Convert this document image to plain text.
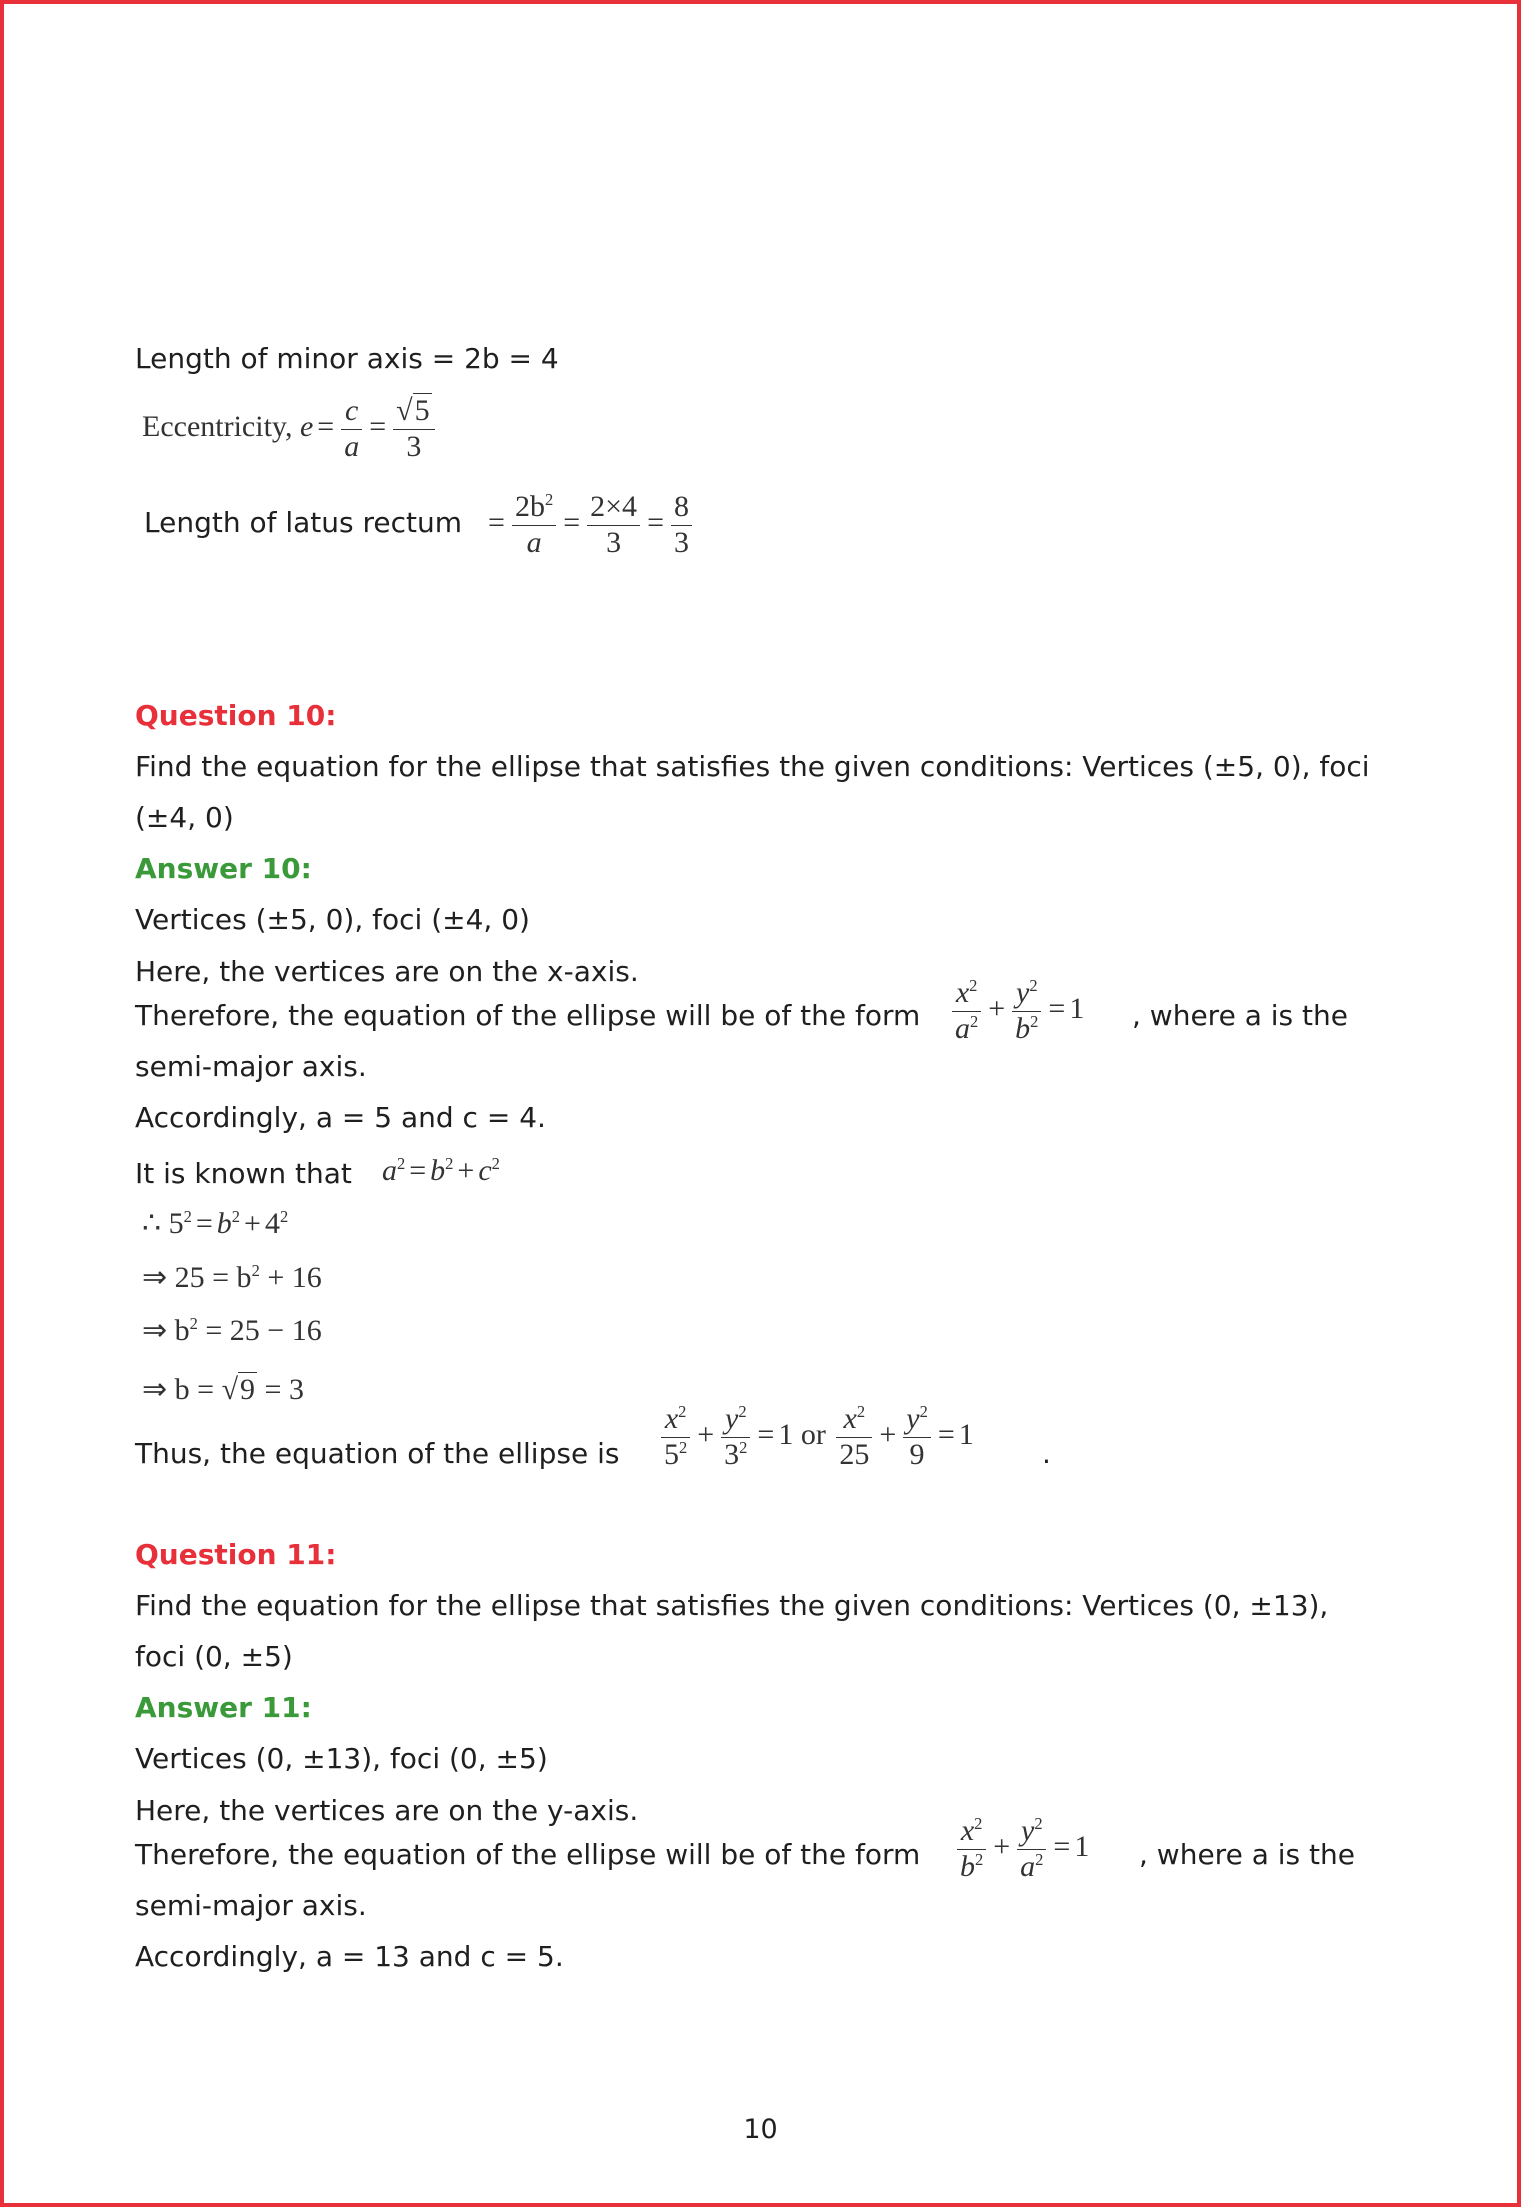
Length of minor axis = 2b = 4

Eccentricity, $e = \frac{c}{a} = \frac{√5}{3}$
Length of latus rectum = $\frac{2b^2}{a} = \frac{2\times 4}{3} = \frac{8}{3}$

Question 10:

Find the equation for the ellipse that satisfies the given conditions: Vertices (±5, 0), foci

(±4, 0)

Answer 10:

Vertices (±5, 0), foci (±4, 0)

Here, the vertices are on the x-axis.

Therefore, the equation of the ellipse will be of the form $\frac{x^2}{a^2} + \frac{y^2}{b^2} = 1$ , where a is the

semi-major axis.

Accordingly, a = 5 and c = 4.

It is known that $a^2 = b^2 + c^2$
∴ $5^2 = b^2 + 4^2$
⇒ $25 = b^2 + 16$
⇒ $b^2 = 25 - 16$
⇒ b = √9 = 3

Thus, the equation of the ellipse is $\frac{x^2}{5^2} + \frac{y^2}{3^2} = 1$ or $\frac{x^2}{25} + \frac{y^2}{9} = 1$

.

Question 11:

Find the equation for the ellipse that satisfies the given conditions: Vertices (0, ±13),

foci (0, ±5)

Answer 11:

Vertices (0, ±13), foci (0, ±5)

Here, the vertices are on the y-axis.

Therefore, the equation of the ellipse will be of the form $\frac{x^2}{b^2} + \frac{y^2}{a^2} = 1$ , where a is the

semi-major axis.

Accordingly, a = 13 and c = 5.

10
